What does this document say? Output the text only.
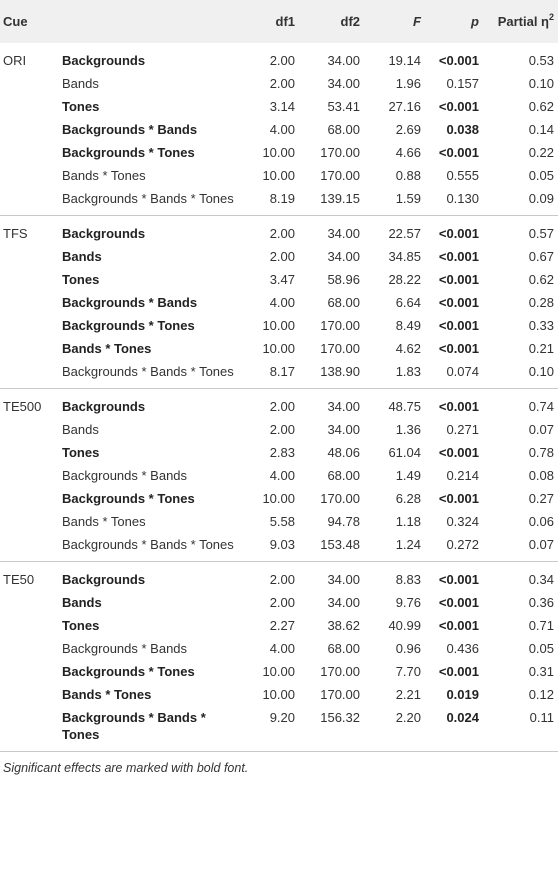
Cue		df1	df2	F	p	Partial $\eta^2$
ORI	Backgrounds	2.00	34.00	19.14	<0.001	0.53
	Bands	2.00	34.00	1.96	0.157	0.10
	Tones	3.14	53.41	27.16	<0.001	0.62
	Backgrounds * Bands	4.00	68.00	2.69	0.038	0.14
	Backgrounds * Tones	10.00	170.00	4.66	<0.001	0.22
	Bands * Tones	10.00	170.00	0.88	0.555	0.05
	Backgrounds * Bands * Tones	8.19	139.15	1.59	0.130	0.09
TFS	Backgrounds	2.00	34.00	22.57	<0.001	0.57
	Bands	2.00	34.00	34.85	<0.001	0.67
	Tones	3.47	58.96	28.22	<0.001	0.62
	Backgrounds * Bands	4.00	68.00	6.64	<0.001	0.28
	Backgrounds * Tones	10.00	170.00	8.49	<0.001	0.33
	Bands * Tones	10.00	170.00	4.62	<0.001	0.21
	Backgrounds * Bands * Tones	8.17	138.90	1.83	0.074	0.10
TE500	Backgrounds	2.00	34.00	48.75	<0.001	0.74
	Bands	2.00	34.00	1.36	0.271	0.07
	Tones	2.83	48.06	61.04	<0.001	0.78
	Backgrounds * Bands	4.00	68.00	1.49	0.214	0.08
	Backgrounds * Tones	10.00	170.00	6.28	<0.001	0.27
	Bands * Tones	5.58	94.78	1.18	0.324	0.06
	Backgrounds * Bands * Tones	9.03	153.48	1.24	0.272	0.07
TE50	Backgrounds	2.00	34.00	8.83	<0.001	0.34
	Bands	2.00	34.00	9.76	<0.001	0.36
	Tones	2.27	38.62	40.99	<0.001	0.71
	Backgrounds * Bands	4.00	68.00	0.96	0.436	0.05
	Backgrounds * Tones	10.00	170.00	7.70	<0.001	0.31
	Bands * Tones	10.00	170.00	2.21	0.019	0.12
	Backgrounds * Bands * Tones	9.20	156.32	2.20	0.024	0.11
Significant effects are marked with bold font.						
